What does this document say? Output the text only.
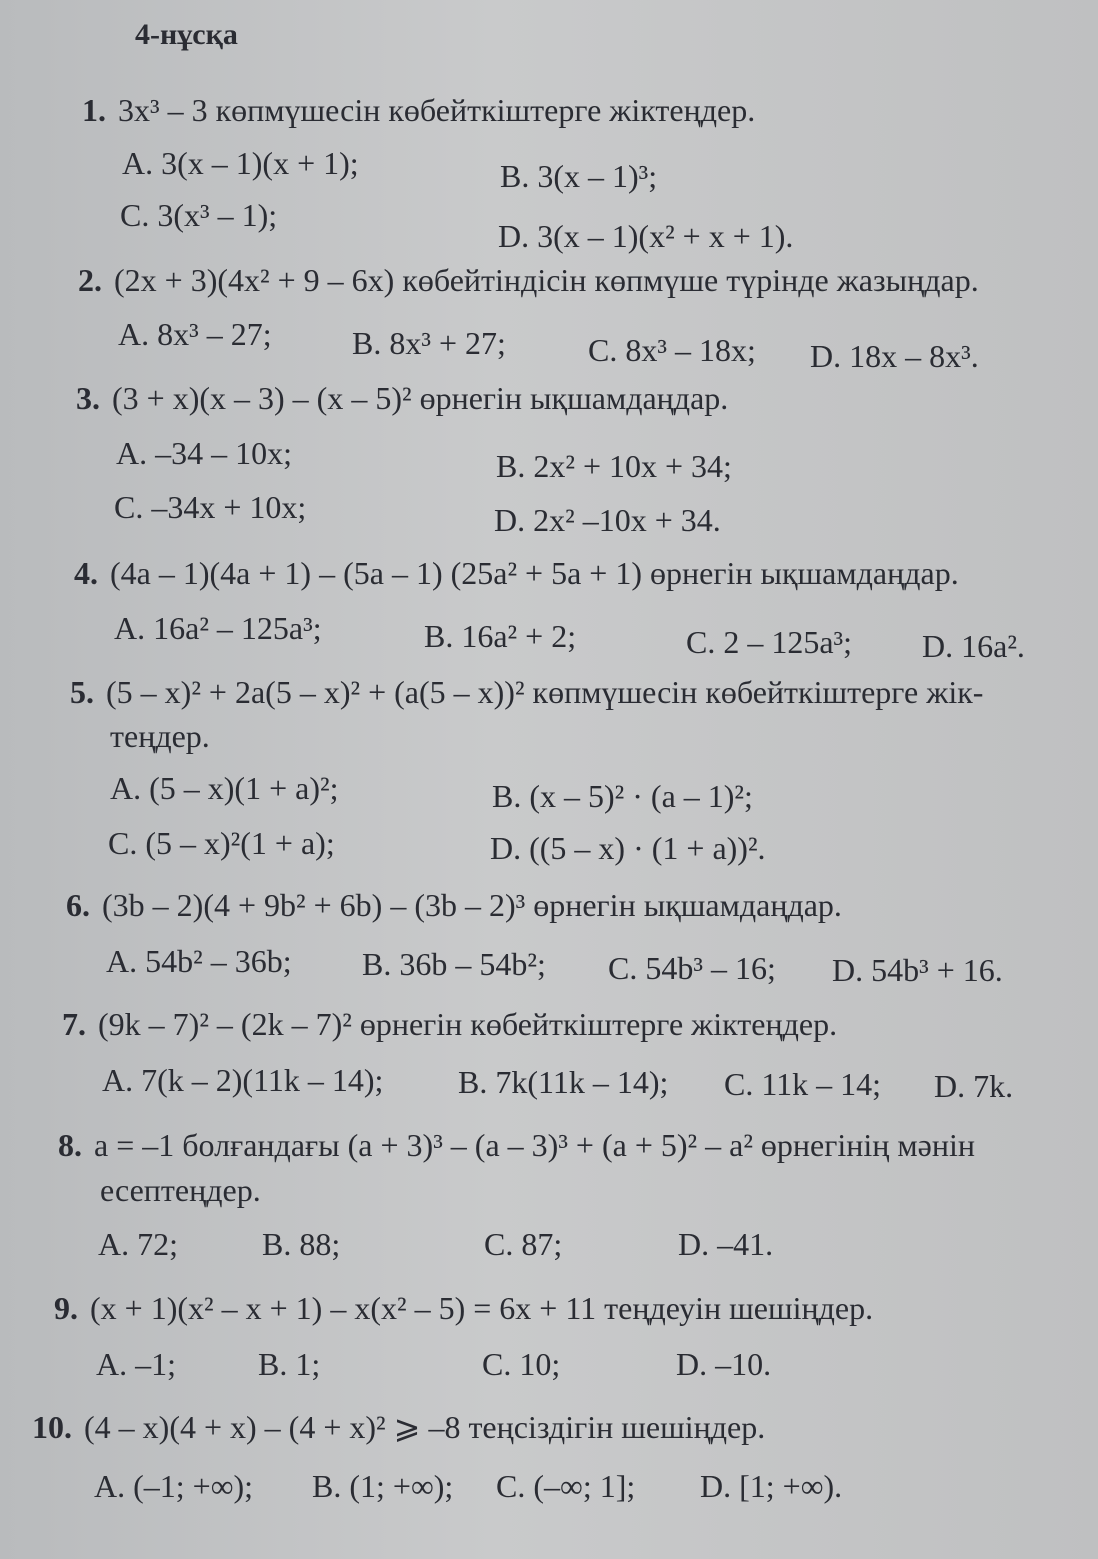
4-нұсқа
1. 3x³ – 3 көпмүшесін көбейткіштерге жіктеңдер.
A. 3(x – 1)(x + 1);	B. 3(x – 1)³;
C. 3(x³ – 1);
D. 3(x – 1)(x² + x + 1).
2. (2x + 3)(4x² + 9 – 6x) көбейтіндісін көпмүше түрінде жазыңдар.
A. 8x³ – 27;	B. 8x³ + 27;	C. 8x³ – 18x; D. 18x – 8x³.
3. (3 + x)(x – 3) – (x – 5)² өрнегін ықшамдаңдар.
A. –34 – 10x;	B. 2x² + 10x + 34;
C. –34x + 10x;	D. 2x² –10x + 34.
4. (4a – 1)(4a + 1) – (5a – 1) (25a² + 5a + 1) өрнегін ықшамдаңдар.
A. 16a² – 125a³;	B. 16a² + 2;	C. 2 – 125a³; D. 16a².
5. (5 – x)² + 2a(5 – x)² + (a(5 – x))² көпмүшесін көбейткіштерге жік-
теңдер.
A. (5 – x)(1 + a)²;	B. (x – 5)² · (a – 1)²;
C. (5 – x)²(1 + a);	D. ((5 – x) · (1 + a))².
6. (3b – 2)(4 + 9b² + 6b) – (3b – 2)³ өрнегін ықшамдаңдар.
A. 54b² – 36b; B. 36b – 54b²; C. 54b³ – 16; D. 54b³ + 16.
7. (9k – 7)² – (2k – 7)² өрнегін көбейткіштерге жіктеңдер.
A. 7(k – 2)(11k – 14); B. 7k(11k – 14); C. 11k – 14; D. 7k.
8. a = –1 болғандағы (a + 3)³ – (a – 3)³ + (a + 5)² – a² өрнегінің мәнін
есептеңдер.
A. 72;	B. 88;	C. 87;	D. –41.
9. (x + 1)(x² – x + 1) – x(x² – 5) = 6x + 11 теңдеуін шешіңдер.
A. –1;	B. 1;	C. 10;	D. –10.
10. (4 – x)(4 + x) – (4 + x)² ⩾ –8 теңсіздігін шешіңдер.
A. (–1; +∞); B. (1; +∞); C. (–∞; 1]; D. [1; +∞).
